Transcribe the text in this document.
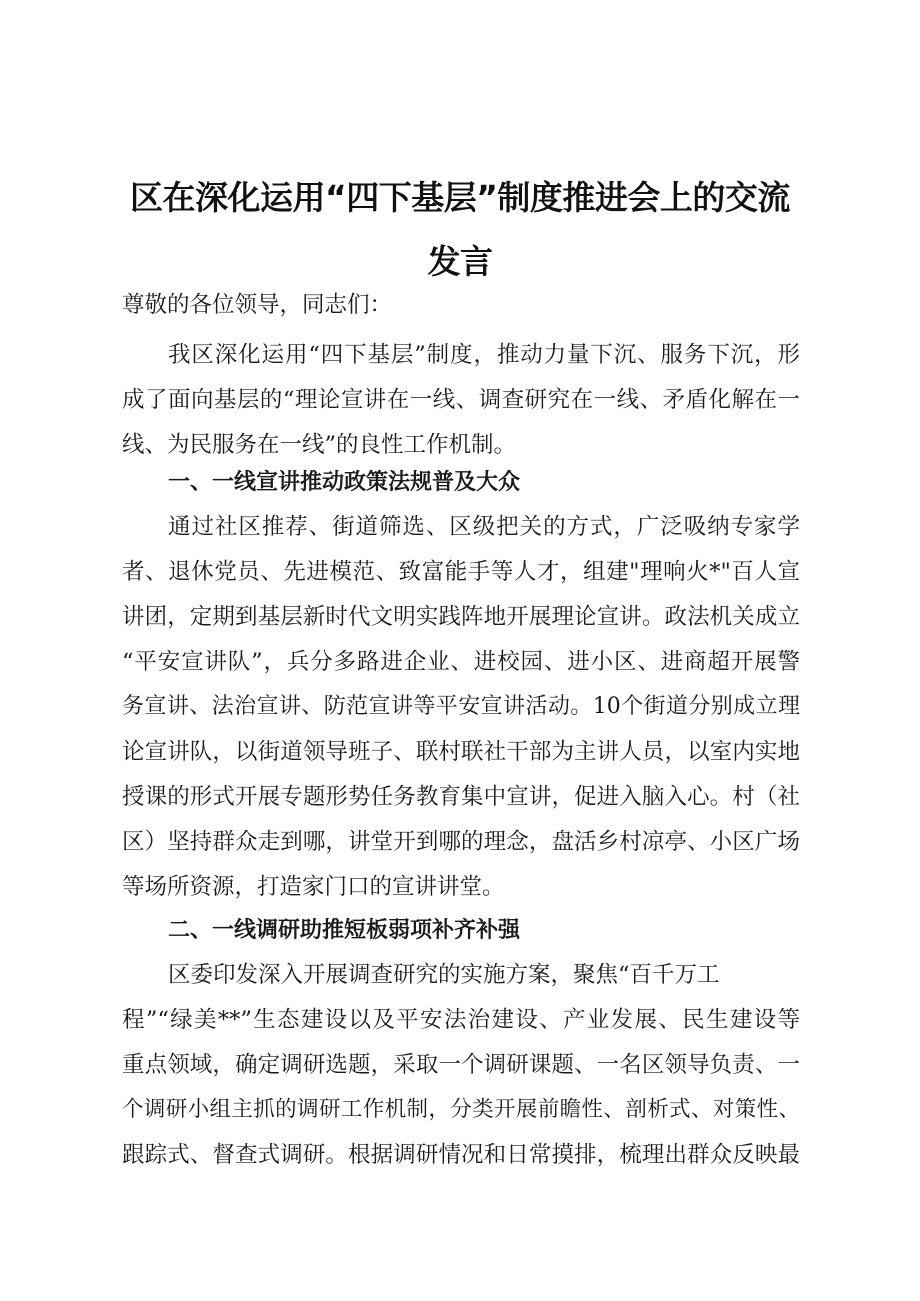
区在深化运用“四下基层”制度推进会上的交流
发言
尊敬的各位领导，同志们：
我区深化运用“四下基层”制度，推动力量下沉、服务下沉，形
成了面向基层的“理论宣讲在一线、调查研究在一线、矛盾化解在一
线、为民服务在一线”的良性工作机制。
一、一线宣讲推动政策法规普及大众
通过社区推荐、街道筛选、区级把关的方式，广泛吸纳专家学
者、退休党员、先进模范、致富能手等人才，组建"理响火*"百人宣
讲团，定期到基层新时代文明实践阵地开展理论宣讲。政法机关成立
“平安宣讲队”，兵分多路进企业、进校园、进小区、进商超开展警
务宣讲、法治宣讲、防范宣讲等平安宣讲活动。10个街道分别成立理
论宣讲队，以街道领导班子、联村联社干部为主讲人员，以室内实地
授课的形式开展专题形势任务教育集中宣讲，促进入脑入心。村（社
区）坚持群众走到哪，讲堂开到哪的理念，盘活乡村凉亭、小区广场
等场所资源，打造家门口的宣讲讲堂。
二、一线调研助推短板弱项补齐补强
区委印发深入开展调查研究的实施方案，聚焦“百千万工
程”“绿美**”生态建设以及平安法治建设、产业发展、民生建设等
重点领域，确定调研选题，采取一个调研课题、一名区领导负责、一
个调研小组主抓的调研工作机制，分类开展前瞻性、剖析式、对策性、
跟踪式、督查式调研。根据调研情况和日常摸排，梳理出群众反映最
